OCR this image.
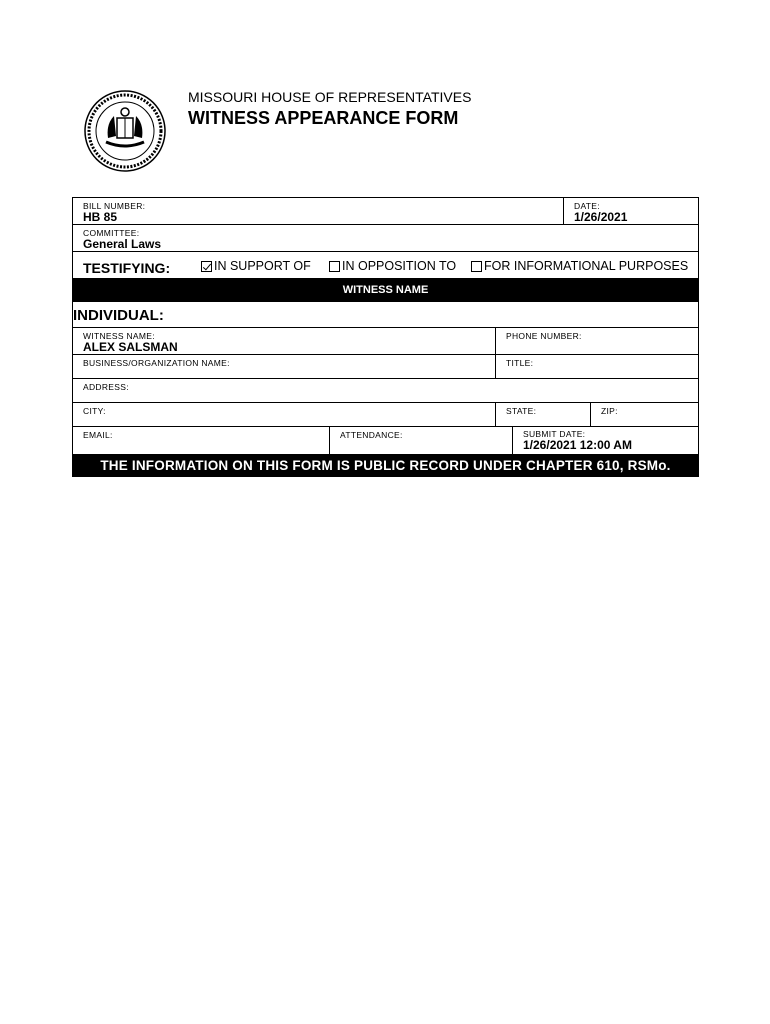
MISSOURI HOUSE OF REPRESENTATIVES
WITNESS APPEARANCE FORM
BILL NUMBER:
HB 85
DATE:
1/26/2021
COMMITTEE:
General Laws
TESTIFYING:	IN SUPPORT OF IN OPPOSITION TO FOR INFORMATIONAL PURPOSES
WITNESS NAME
INDIVIDUAL:
WITNESS NAME:
ALEX SALSMAN
PHONE NUMBER:
BUSINESS/ORGANIZATION NAME:	TITLE:
ADDRESS:
CITY:	STATE:	ZIP:
EMAIL:	ATTENDANCE:	SUBMIT DATE:
1/26/2021 12:00 AM
THE INFORMATION ON THIS FORM IS PUBLIC RECORD UNDER CHAPTER 610, RSMo.
